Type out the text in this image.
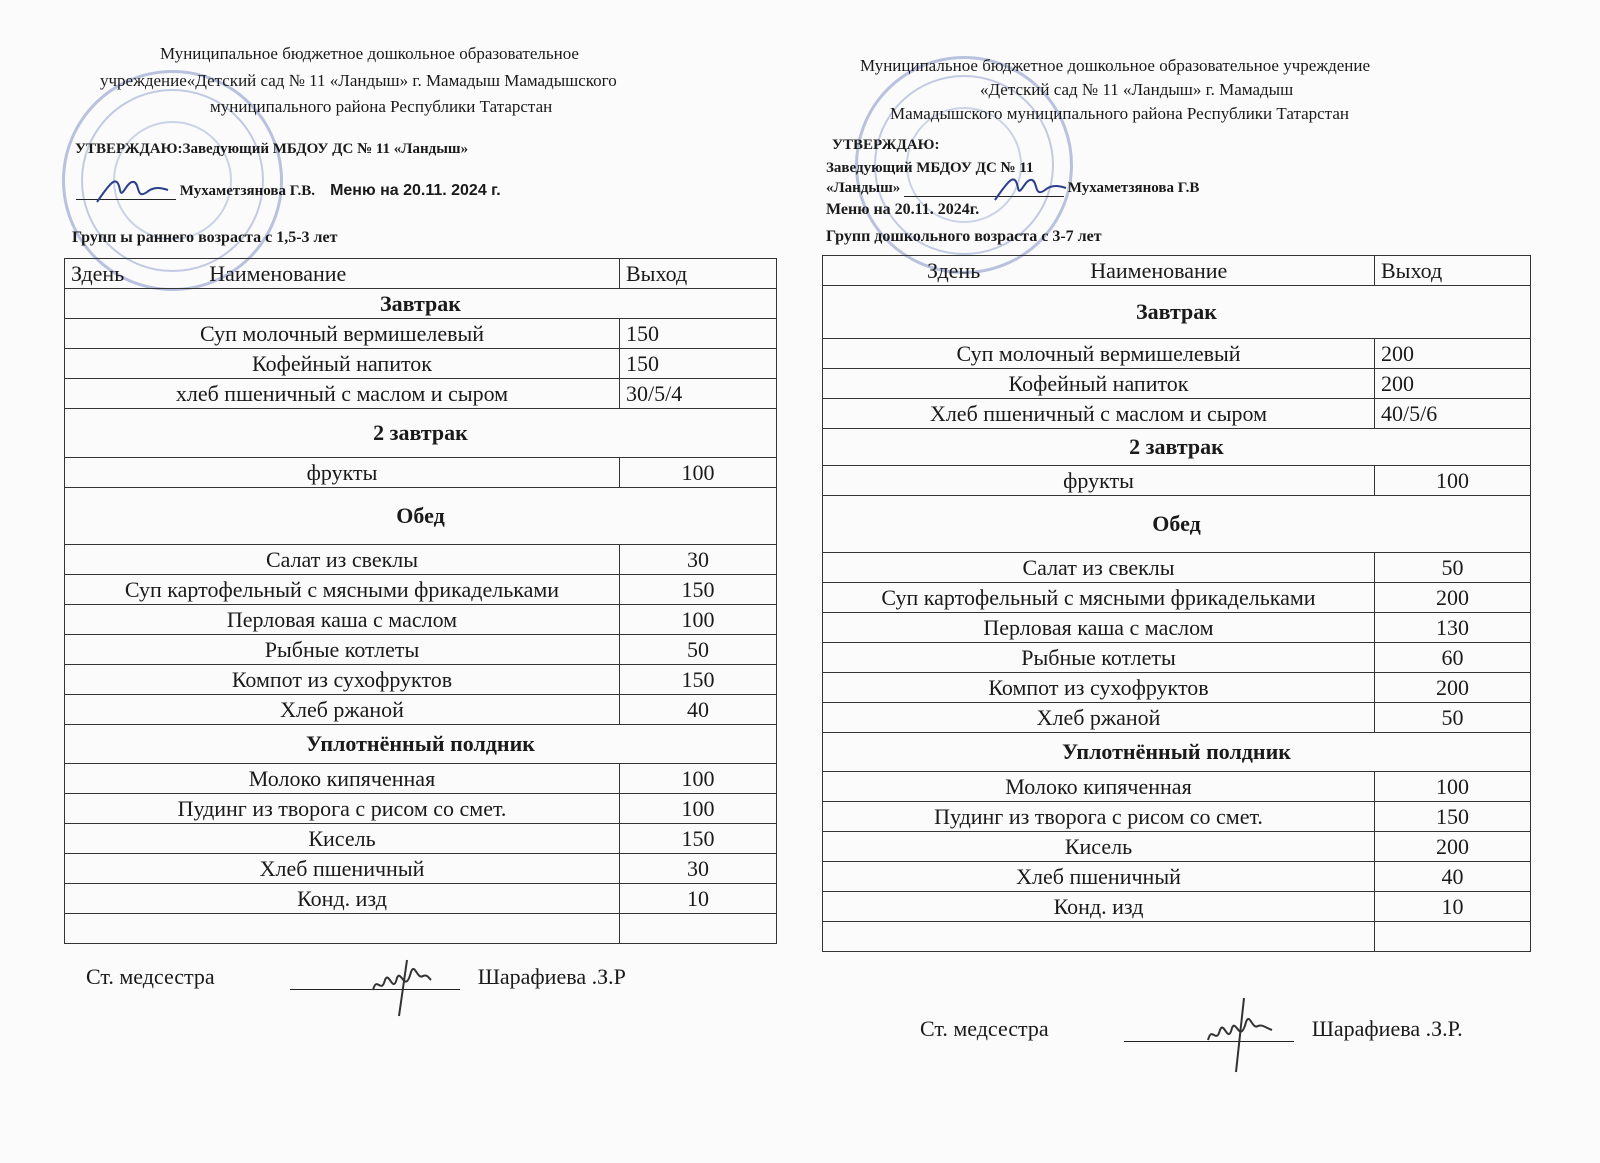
Муниципальное бюджетное дошкольное образовательное
учреждение«Детский сад № 11 «Ландыш» г. Мамадыш Мамадышского
муниципального района Республики Татарстан
УТВЕРЖДАЮ:Заведующий МБДОУ ДС № 11 «Ландыш»
Мухаметзянова Г.В. Меню на 20.11. 2024 г.
Групп ы раннего возраста с 1,5-3 лет
Здень Наименование	Выход
Завтрак	
Суп молочный вермишелевый	150
Кофейный напиток	150
хлеб пшеничный с маслом и сыром	30/5/4
2 завтрак	
фрукты	100
Обед	
Салат из свеклы	30
Суп картофельный с мясными фрикадельками	150
Перловая каша с маслом	100
Рыбные котлеты	50
Компот из сухофруктов	150
Хлеб ржаной	40
Уплотнённый полдник	
Молоко кипяченная	100
Пудинг из творога с рисом со смет.	100
Кисель	150
Хлеб пшеничный	30
Конд. изд	10

Ст. медсестра	Шарафиева .З.Р
Муниципальное бюджетное дошкольное образовательное учреждение
«Детский сад № 11 «Ландыш» г. Мамадыш
Мамадышского муниципального района Республики Татарстан
УТВЕРЖДАЮ:
Заведующий МБДОУ ДС № 11
«Ландыш»	Мухаметзянова Г.В
Меню на 20.11. 2024г.
Групп дошкольного возраста с 3-7 лет
Здень Наименование	Выход
Завтрак	
Суп молочный вермишелевый	200
Кофейный напиток	200
Хлеб пшеничный с маслом и сыром	40/5/6
2 завтрак	
фрукты	100
Обед	
Салат из свеклы	50
Суп картофельный с мясными фрикадельками	200
Перловая каша с маслом	130
Рыбные котлеты	60
Компот из сухофруктов	200
Хлеб ржаной	50
Уплотнённый полдник	
Молоко кипяченная	100
Пудинг из творога с рисом со смет.	150
Кисель	200
Хлеб пшеничный	40
Конд. изд	10

Ст. медсестра	Шарафиева .З.Р.
